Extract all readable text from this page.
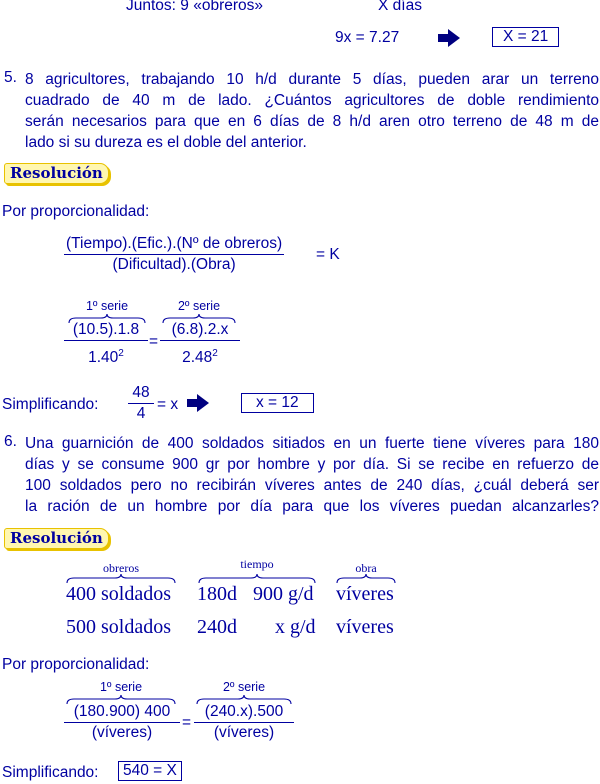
Juntos: 9 «obreros»	X días
9x = 7.27	X = 21
5. 8 agricultores, trabajando 10 h/d durante 5 días, pueden arar un terreno
cuadrado de 40 m de lado. ¿Cuántos agricultores de doble rendimiento
serán necesarios para que en 6 días de 8 h/d aren otro terreno de 48 m de
lado si su dureza es el doble del anterior.
Resolución
Por proporcionalidad:
(Tiempo).(Efic.).(Nº de obreros)
(Dificultad).(Obra)
= K
1º serie	2º serie
$\frac{(10.5).1.8}{1.40^2} = \frac{(6.8).2.x}{2.48^2}$
Simplificando: $\frac{48}{4} = x$	x = 12
6. Una guarnición de 400 soldados sitiados en un fuerte tiene víveres para 180
días y se consume 900 gr por hombre y por día. Si se recibe en refuerzo de
100 soldados pero no recibirán víveres antes de 240 días, ¿cuál deberá ser
la ración de un hombre por día para que los víveres puedan alcanzarles?
Resolución
obreros	tiempo	obra
400 soldados 180d 900 g/d víveres
500 soldados 240d x g/d víveres
Por proporcionalidad:
1º serie	2º serie
(180.900) 400
(víveres)
=
(240.x).500
(víveres)
Simplificando:	540 = X
